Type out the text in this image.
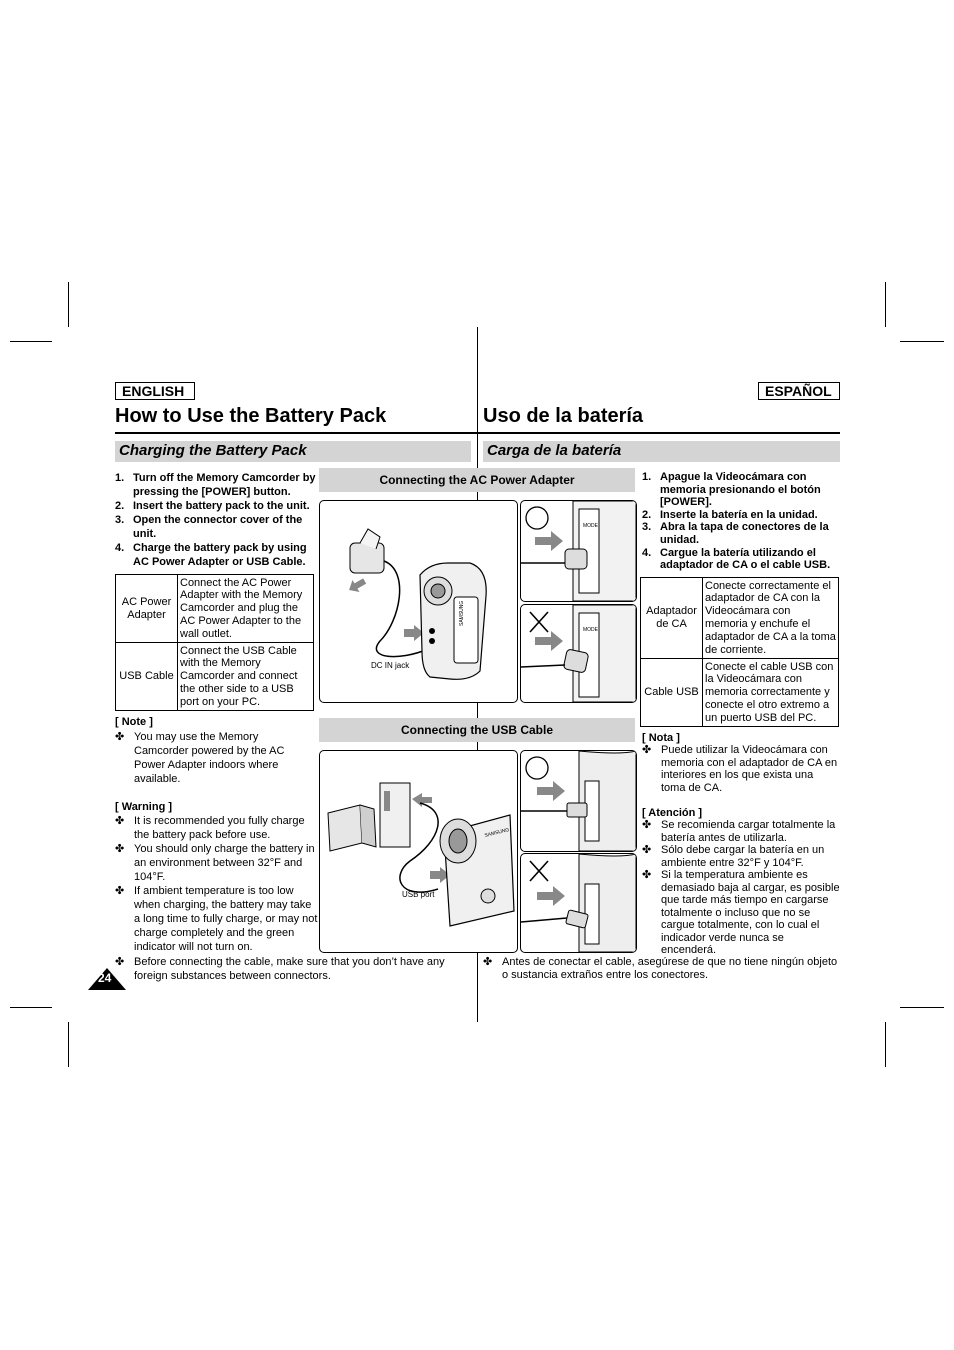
ENGLISH	ESPAÑOL
How to Use the Battery Pack	Uso de la batería
Charging the Battery Pack	Carga de la batería
1. Turn off the Memory Camcorder by pressing the [POWER] button.
2. Insert the battery pack to the unit.
3. Open the connector cover of the unit.
4. Charge the battery pack by using AC Power Adapter or USB Cable.
AC Power Adapter	Connect the AC Power Adapter with the Memory Camcorder and plug the AC Power Adapter to the wall outlet.
USB Cable	Connect the USB Cable with the Memory Camcorder and connect the other side to a USB port on your PC.
[ Note ]
✤ You may use the Memory Camcorder powered by the AC Power Adapter indoors where available.
[ Warning ]
✤ It is recommended you fully charge the battery pack before use.
✤ You should only charge the battery in an environment between 32°F and 104°F.
✤ If ambient temperature is too low when charging, the battery may take a long time to fully charge, or may not charge completely and the green indicator will not turn on.
✤ Before connecting the cable, make sure that you don’t have any foreign substances between connectors.
24
Connecting the AC Power Adapter
SAMSUNG
DC IN jack
MODE
MODE
Connecting the USB Cable
SAMSUNG
USB port
1. Apague la Videocámara con memoria presionando el botón [POWER].
2. Inserte la batería en la unidad.
3. Abra la tapa de conectores de la unidad.
4. Cargue la batería utilizando el adaptador de CA o el cable USB.
Adaptador de CA	Conecte correctamente el adaptador de CA con la Videocámara con memoria y enchufe el adaptador de CA a la toma de corriente.
Cable USB	Conecte el cable USB con la Videocámara con memoria correctamente y conecte el otro extremo a un puerto USB del PC.
[ Nota ]
✤ Puede utilizar la Videocámara con memoria con el adaptador de CA en interiores en los que exista una toma de CA.
[ Atención ]
✤ Se recomienda cargar totalmente la batería antes de utilizarla.
✤ Sólo debe cargar la batería en un ambiente entre 32°F y 104°F.
✤ Si la temperatura ambiente es demasiado baja al cargar, es posible que tarde más tiempo en cargarse totalmente o incluso que no se cargue totalmente, con lo cual el indicador verde nunca se encenderá.
✤ Antes de conectar el cable, asegúrese de que no tiene ningún objeto o sustancia extraños entre los conectores.
